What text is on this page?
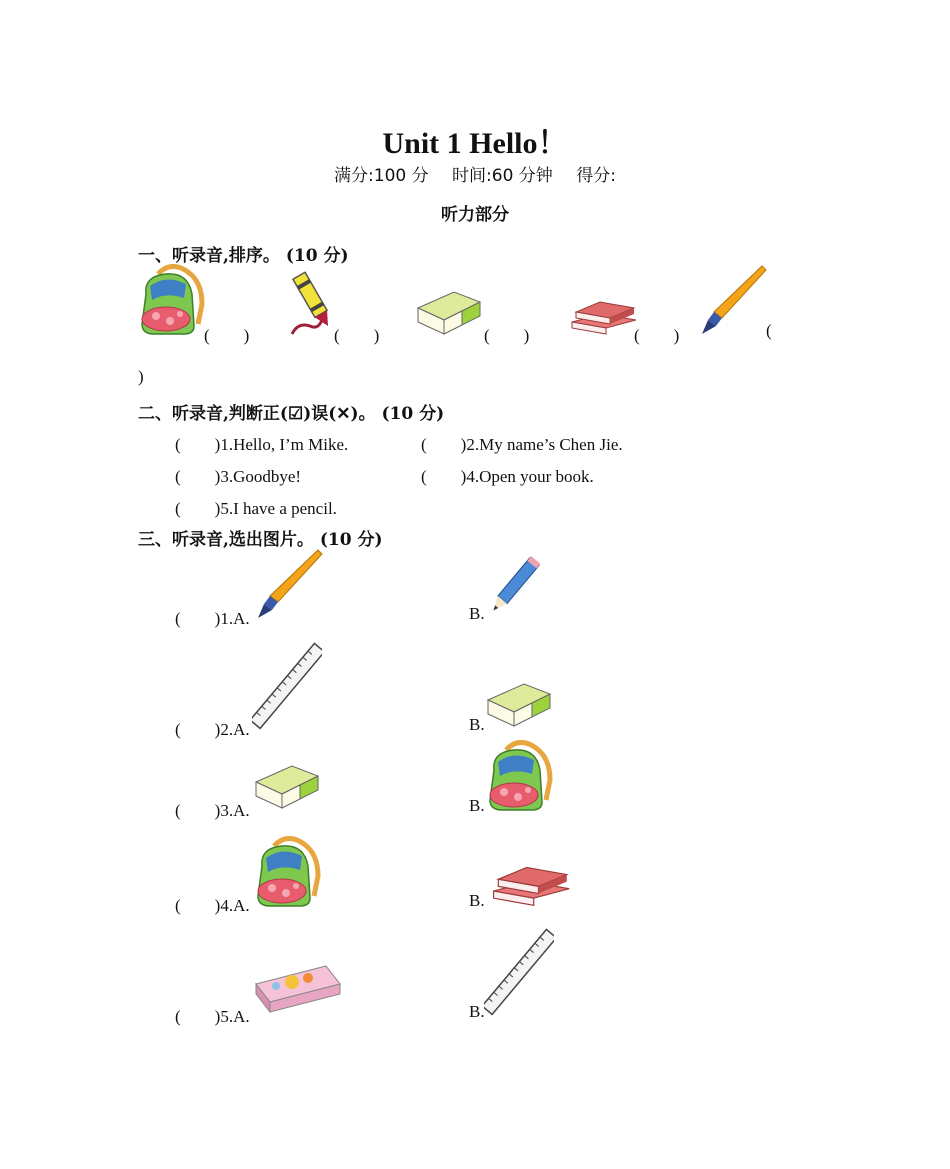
Unit 1 Hello！
满分:100 分 时间:60 分钟 得分:
听力部分
一、听录音,排序。 (10 分)
(　　)	(　　)	(　　)	(　　)	(
)
二、听录音,判断正(☑)误(✕)。 (10 分)
(　　)1.Hello, I’m Mike.	(　　)2.My name’s Chen Jie.
(　　)3.Goodbye!	(　　)4.Open your book.
(　　)5.I have a pencil.
三、听录音,选出图片。 (10 分)
(　　)1.A.	B.
(　　)2.A.	B.
(　　)3.A.	B.
(　　)4.A.	B.
(　　)5.A.	B.
